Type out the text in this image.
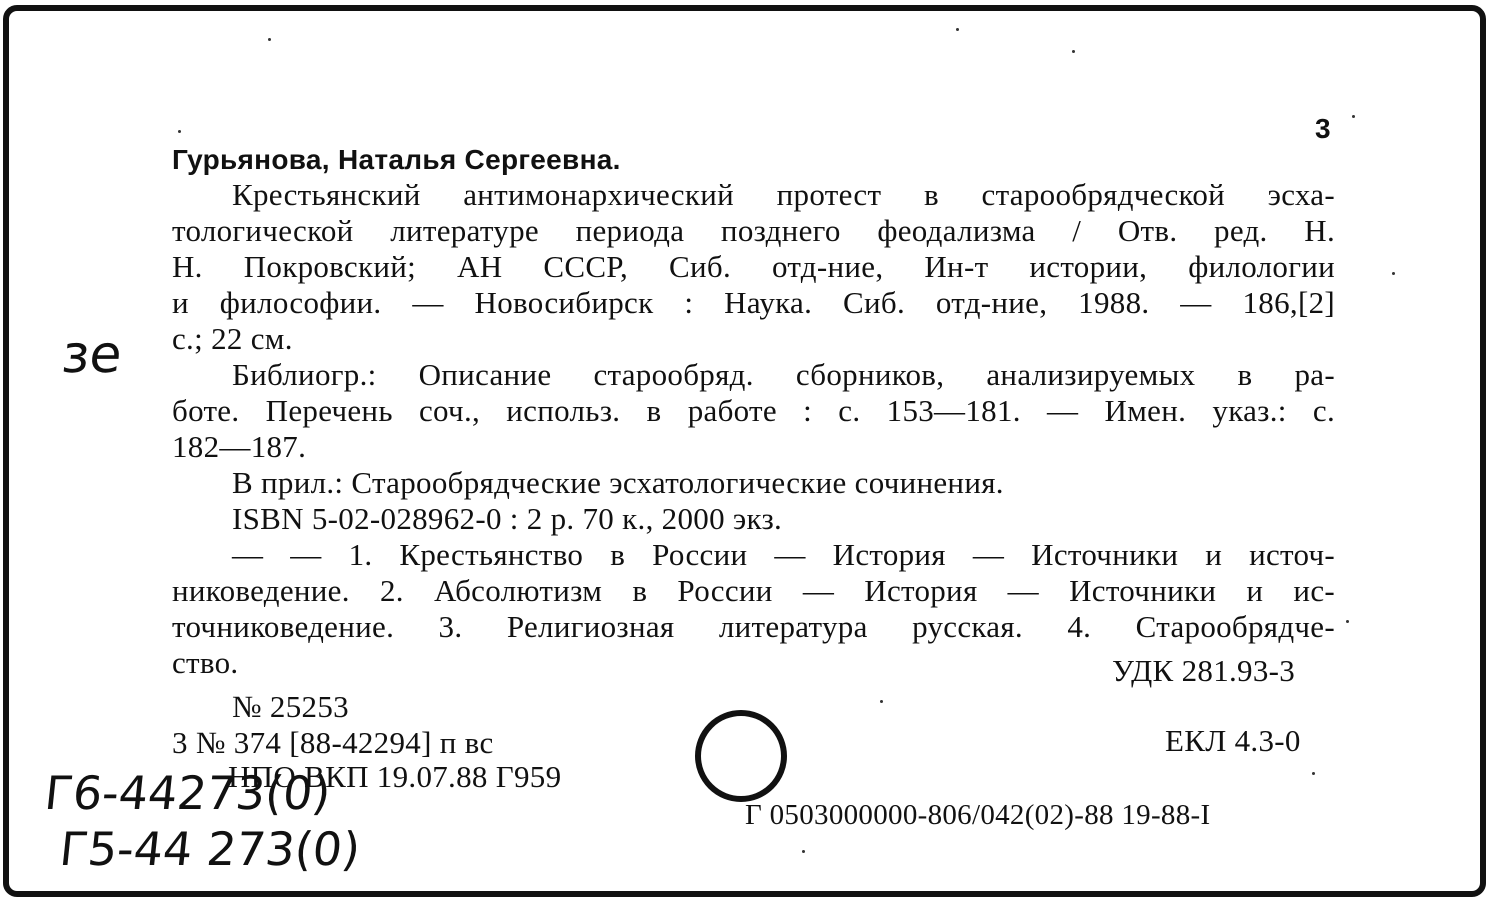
3
Гурьянова, Наталья Сергеевна.
Крестьянский антимонархический протест в старообрядческой эсха-
тологической литературе периода позднего феодализма / Отв. ред. Н.
Н. Покровский; АН СССР, Сиб. отд-ние, Ин-т истории, филологии
и философии. — Новосибирск : Наука. Сиб. отд-ние, 1988. — 186,[2]
с.; 22 см.
Библиогр.: Описание старообряд. сборников, анализируемых в ра-
боте. Перечень соч., использ. в работе : с. 153—181. — Имен. указ.: с.
182—187.
В прил.: Старообрядческие эсхатологические сочинения.
ISBN 5-02-028962-0 : 2 р. 70 к., 2000 экз.
— — 1. Крестьянство в России — История — Источники и источ-
никоведение. 2. Абсолютизм в России — История — Источники и ис-
точниковедение. 3. Религиозная литература русская. 4. Старообрядче-
ство.	УДК 281.93-3
№ 25253
3 № 374 [88-42294] п вс	ЕКЛ 4.3-0
НПО ВКП 19.07.88 Г959
Г 0503000000-806/042(02)-88 19-88-I
зе
Г6-44273(0)
Г5-44 273(0)
